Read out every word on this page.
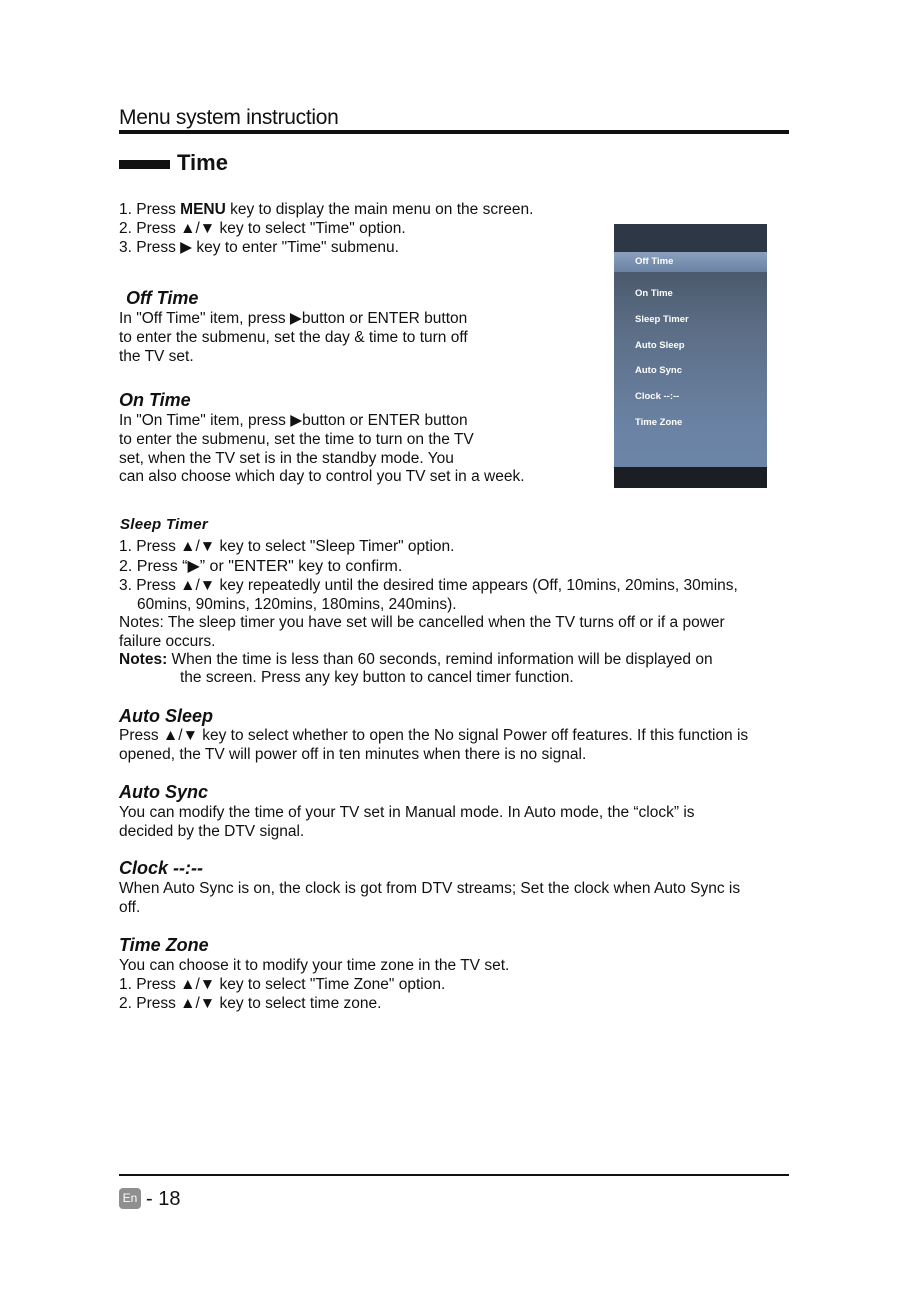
Menu system instruction
Time
1. Press MENU key to display the main menu on the screen.
2. Press ▲/▼ key to select "Time" option.
3. Press ▶ key to enter "Time" submenu.
Off Time
On Time
Sleep Timer
Auto Sleep
Auto Sync
Clock --:--
Time Zone
Off Time
In "Off Time" item, press ▶button or ENTER button
to enter the submenu, set the day & time to turn off
the TV set.
On Time
In "On Time" item, press ▶button or ENTER button
to enter the submenu, set the time to turn on the TV
set, when the TV set is in the standby mode. You
can also choose which day to control you TV set in a week.
Sleep Timer
1. Press ▲/▼ key to select "Sleep Timer" option.
2. Press “▶” or "ENTER" key to confirm.
3. Press ▲/▼ key repeatedly until the desired time appears (Off, 10mins, 20mins, 30mins,
60mins, 90mins, 120mins, 180mins, 240mins).
Notes: The sleep timer you have set will be cancelled when the TV turns off or if a power
failure occurs.
Notes: When the time is less than 60 seconds, remind information will be displayed on
the screen. Press any key button to cancel timer function.
Auto Sleep
Press ▲/▼ key to select whether to open the No signal Power off features. If this function is
opened, the TV will power off in ten minutes when there is no signal.
Auto Sync
You can modify the time of your TV set in Manual mode. In Auto mode, the “clock” is
decided by the DTV signal.
Clock --:--
When Auto Sync is on, the clock is got from DTV streams; Set the clock when Auto Sync is
off.
Time Zone
You can choose it to modify your time zone in the TV set.
1. Press ▲/▼ key to select "Time Zone" option.
2. Press ▲/▼ key to select time zone.
En - 18
